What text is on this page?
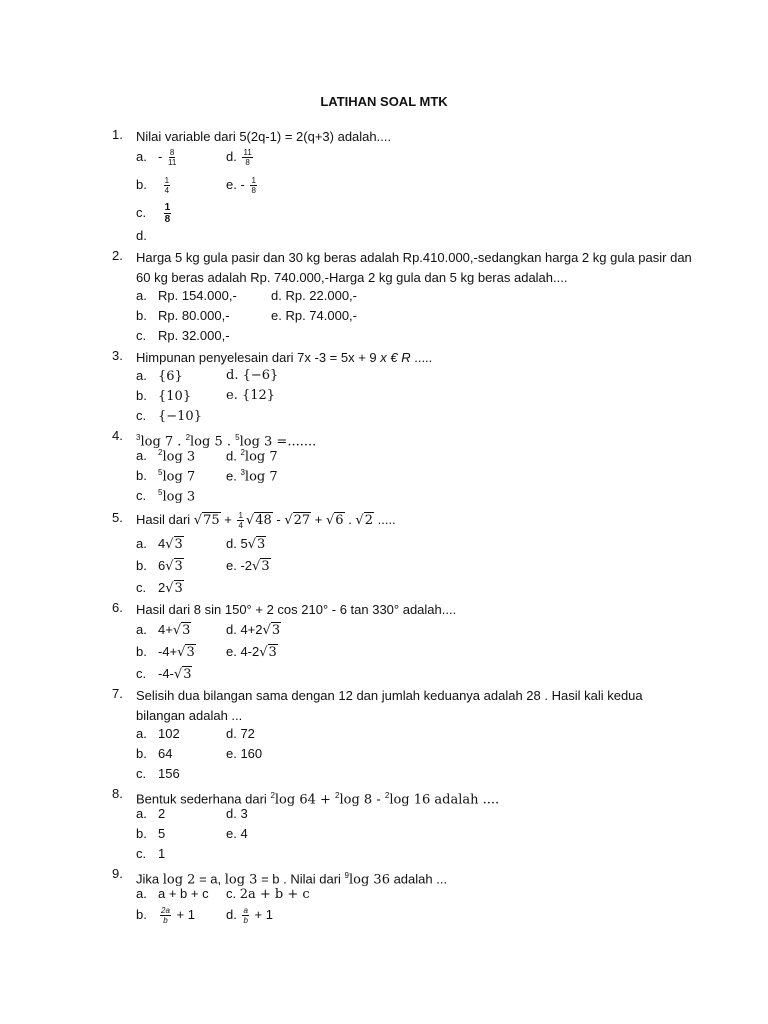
LATIHAN SOAL MTK
1.	Nilai variable dari 5(2q-1) = 2(q+3) adalah....
a. - $\frac{8}{11}$	d. $\frac{11}{8}$
b. $\frac{1}{4}$	e. - $\frac{1}{8}$
c. $\frac{1}{8}$
d.
2.	Harga 5 kg gula pasir dan 30 kg beras adalah Rp.410.000,-sedangkan harga 2 kg gula pasir dan 60 kg beras adalah Rp. 740.000,-Harga 2 kg gula dan 5 kg beras adalah....
a. Rp. 154.000,-	d. Rp. 22.000,-
b. Rp. 80.000,-	e. Rp. 74.000,-
c. Rp. 32.000,-
3.	Himpunan penyelesain dari 7x -3 = 5x + 9 x € R .....
a. {6}	d. {−6}
b. {10}	e. {12}
c. {−10}
4.	$^3$log 7 . $^2$log 5 . $^5$log 3 =.......
a. $^2$log 3 d. $^2$log 7
b. $^5$log 7 e. $^3$log 7
c. $^5$log 3
5.	Hasil dari $√75 + \frac{1}{4} √48 - √27 + √6$ . √2 .....
a. 4√3	d. 5√3
b. 6√3	e. -2√3
c. 2√3
6.	Hasil dari 8 sin 150° + 2 cos 210° - 6 tan 330° adalah....
a. 4+√3	d. 4+2√3
b. -4+√3 e. 4-2√3
c. -4-√3
7.	Selisih dua bilangan sama dengan 12 dan jumlah keduanya adalah 28 . Hasil kali kedua bilangan adalah ...
a. 102	d. 72
b. 64	e. 160
c. 156
8.	Bentuk sederhana dari $^2$log 64 + $^2$log 8 - $^2$log 16 adalah ....
a. 2	d. 3
b. 5	e. 4
c. 1
9.	Jika log 2 = a, log 3 = b . Nilai dari $^9$log 36 adalah ...
a. a + b + c c. 2a + b + c
b. $\frac{2a}{b} + 1$ d. $\frac{a}{b} + 1$
